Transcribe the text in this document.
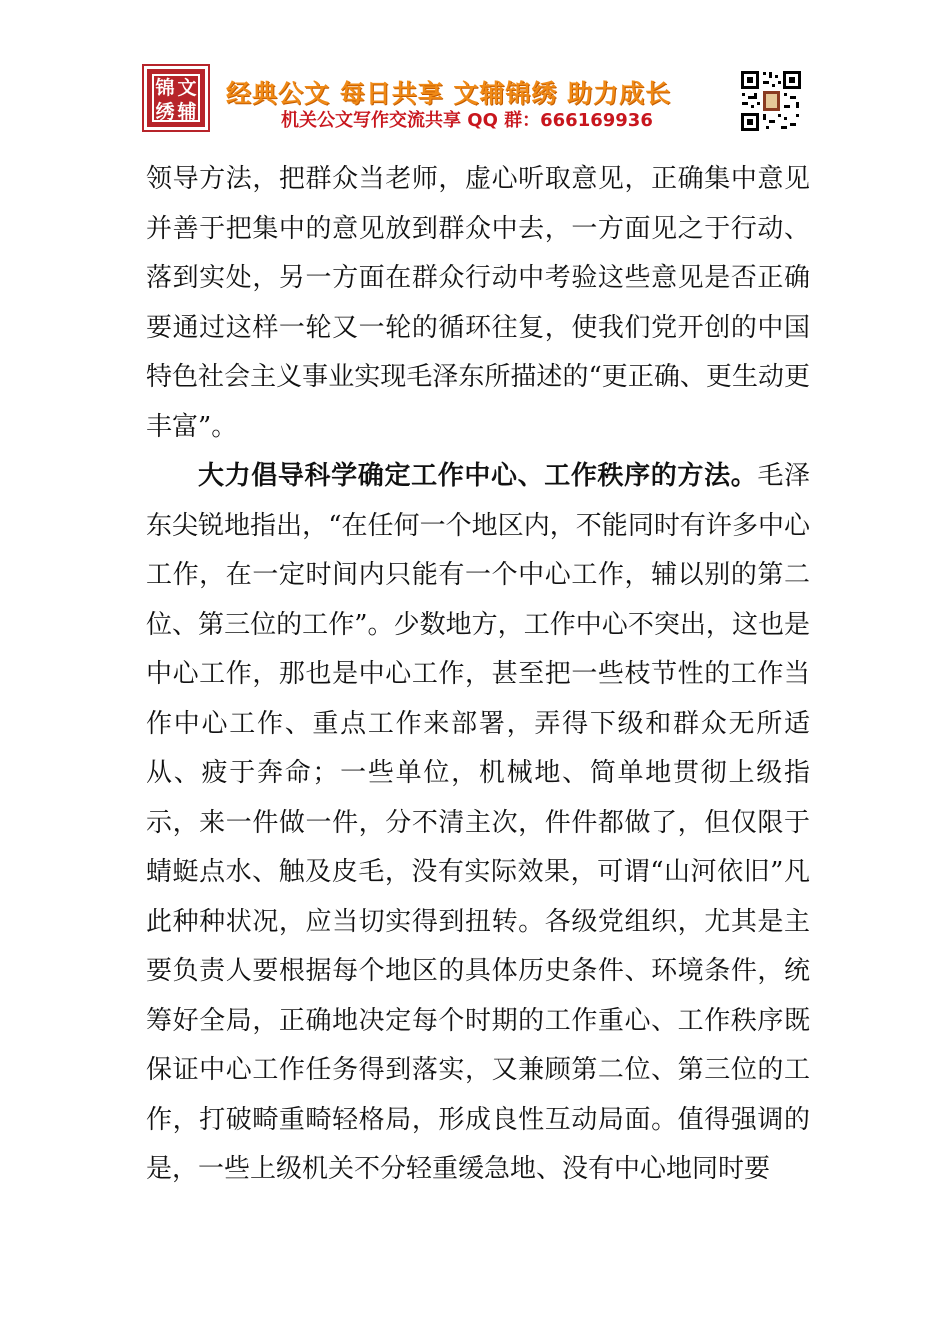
锦 文
绣 辅
经典公文 每日共享 文辅锦绣 助力成长
机关公文写作交流共享 QQ 群：666169936

领导方法，把群众当老师，虚心听取意见，正确集中意见并善于把集中的意见放到群众中去，一方面见之于行动、落到实处，另一方面在群众行动中考验这些意见是否正确要通过这样一轮又一轮的循环往复，使我们党开创的中国特色社会主义事业实现毛泽东所描述的“更正确、更生动更丰富”。

大力倡导科学确定工作中心、工作秩序的方法。毛泽东尖锐地指出，“在任何一个地区内，不能同时有许多中心工作，在一定时间内只能有一个中心工作，辅以别的第二位、第三位的工作”。少数地方，工作中心不突出，这也是中心工作，那也是中心工作，甚至把一些枝节性的工作当作中心工作、重点工作来部署，弄得下级和群众无所适从、疲于奔命；一些单位，机械地、简单地贯彻上级指示，来一件做一件，分不清主次，件件都做了，但仅限于蜻蜓点水、触及皮毛，没有实际效果，可谓“山河依旧”凡此种种状况，应当切实得到扭转。各级党组织，尤其是主要负责人要根据每个地区的具体历史条件、环境条件，统筹好全局，正确地决定每个时期的工作重心、工作秩序既保证中心工作任务得到落实，又兼顾第二位、第三位的工作，打破畸重畸轻格局，形成良性互动局面。值得强调的是，一些上级机关不分轻重缓急地、没有中心地同时要
